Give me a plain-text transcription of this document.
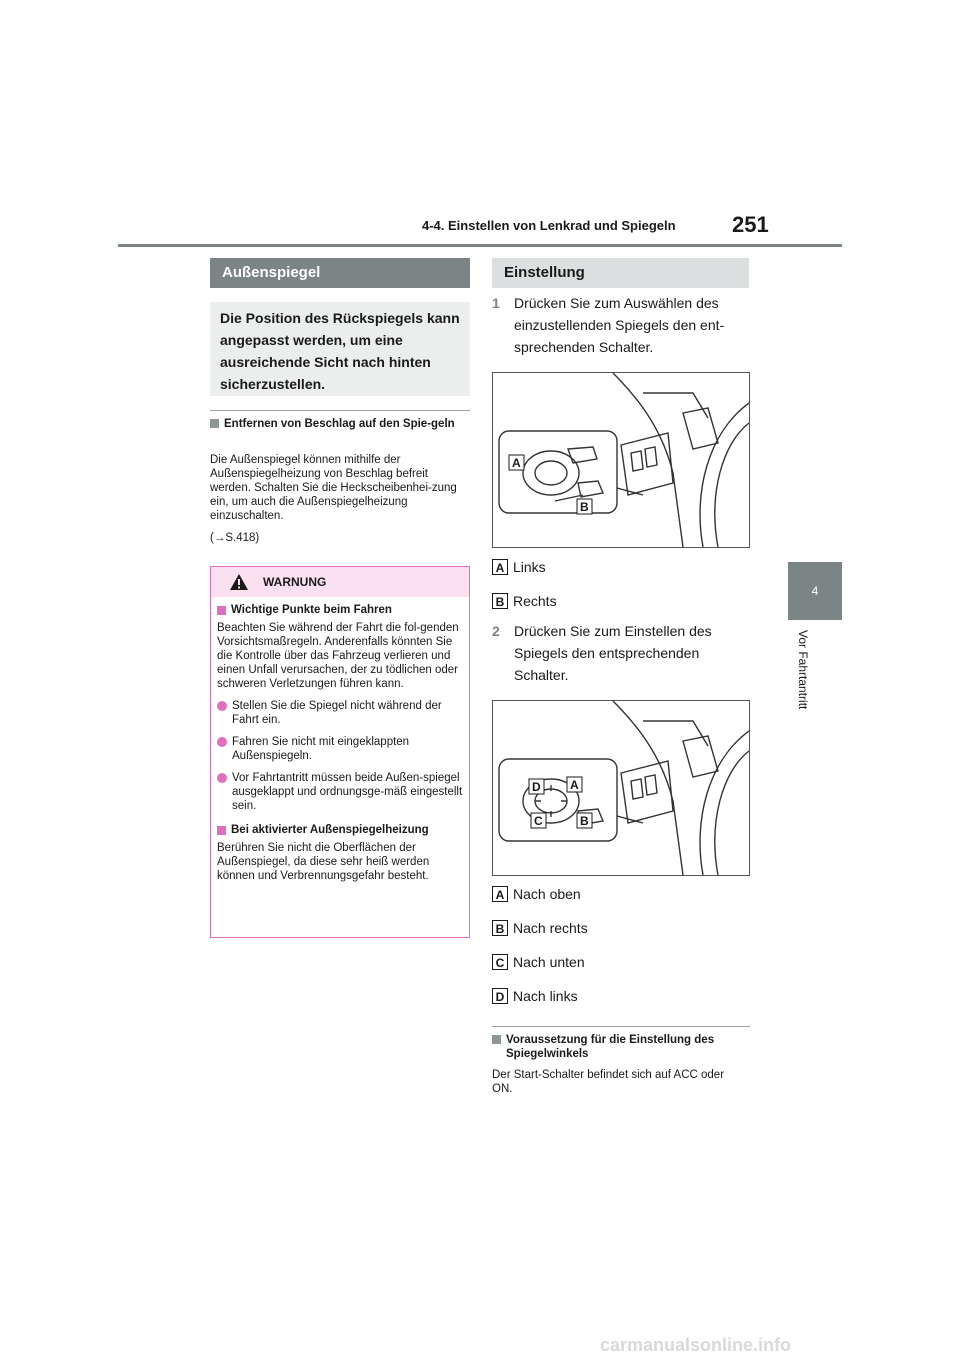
4-4. Einstellen von Lenkrad und Spiegeln	251
4
Vor Fahrtantritt
Außenspiegel
Die Position des Rückspiegels kann angepasst werden, um eine ausreichende Sicht nach hinten sicherzustellen.
Entfernen von Beschlag auf den Spie-geln
Die Außenspiegel können mithilfe der Außenspiegelheizung von Beschlag befreit werden. Schalten Sie die Heckscheibenhei-zung ein, um auch die Außenspiegelheizung einzuschalten.
(→S.418)
WARNUNG
Wichtige Punkte beim Fahren
Beachten Sie während der Fahrt die fol-genden Vorsichtsmaßregeln. Anderenfalls könnten Sie die Kontrolle über das Fahrzeug verlieren und einen Unfall verursachen, der zu tödlichen oder schweren Verletzungen führen kann.
Stellen Sie die Spiegel nicht während der Fahrt ein.
Fahren Sie nicht mit eingeklappten Außenspiegeln.
Vor Fahrtantritt müssen beide Außen-spiegel ausgeklappt und ordnungsge-mäß eingestellt sein.
Bei aktivierter Außenspiegelheizung
Berühren Sie nicht die Oberflächen der Außenspiegel, da diese sehr heiß werden können und Verbrennungsgefahr besteht.
Einstellung
1	Drücken Sie zum Auswählen des einzustellenden Spiegels den ent-sprechenden Schalter.
A
B
A Links
B Rechts
2	Drücken Sie zum Einstellen des Spiegels den entsprechenden Schalter.
D A
C	B
A Nach oben
B Nach rechts
C Nach unten
D Nach links
Voraussetzung für die Einstellung des Spiegelwinkels
Der Start-Schalter befindet sich auf ACC oder ON.
carmanualsonline.info
